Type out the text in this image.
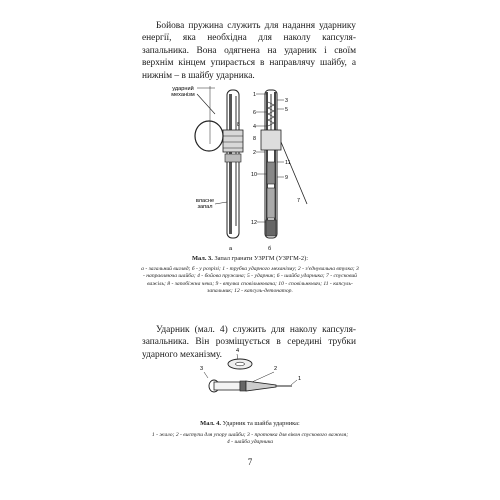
Бойова пружина служить для надання ударнику енергії, яка необхідна для наколу капсуля-запальника. Вона одягнена на ударник і своїм верхнім кінцем упирається в направлячу шайбу, а нижнім – в шайбу ударника.

ударний механізм
8
власне запал
1
3
5
6
4
8
2
11
10	9
7
12
а	б

Мал. 3. Запал гранати УЗРГМ (УЗРГМ-2):

а - загальний вигляд; б - у розрізі; 1 - трубка ударного механізму; 2 - з'єднувальна втулка; 3 - направляюча шайба; 4 - бойова пружина; 5 - ударник; 6 - шайба ударника; 7 - спусковий важіль; 8 - запобіжна чека; 9 - втулка сповільнювача; 10 - сповільнювач; 11 - капсуль-запальник; 12 - капсуль-детонатор.

Ударник (мал. 4) служить для наколу капсуля-запальника. Він розміщується в середині трубки ударного механізму.	4
3	2
1

Мал. 4. Ударник та шайба ударника:

1 - жало; 2 - виступи для упору шайби; 3 - проточка для вікон спускового важеля; 4 - шайба ударника

7
